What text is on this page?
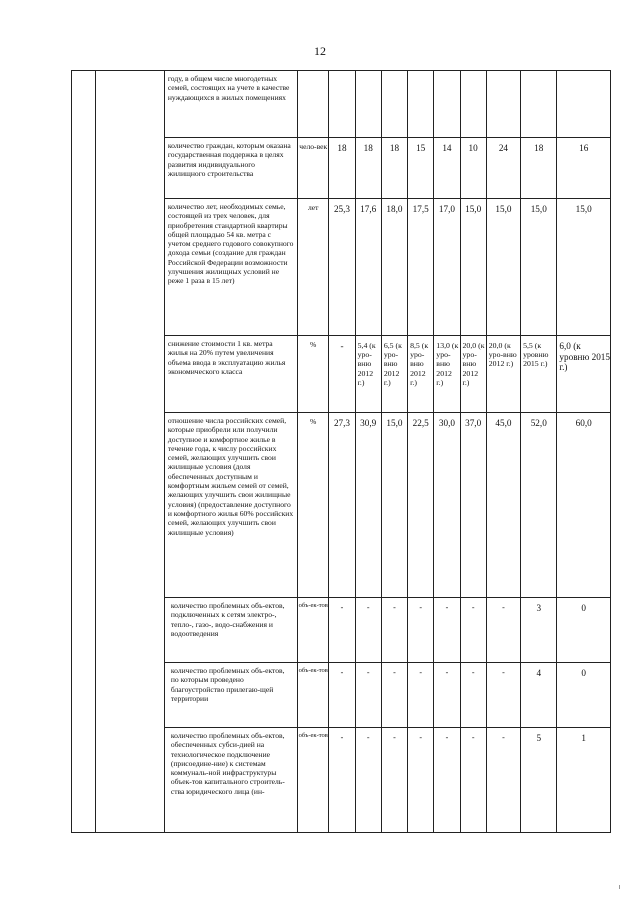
12
		году, в общем числе многодетных семей, состоящих на учете в качестве нуждающихся в жилых помещениях										
		количество граждан, которым оказана государственная поддержка в целях развития индивидуального жилищного строительства	чело-век	18	18	18	15	14	10	24	18	16
		количество лет, необходимых семье, состоящей из трех человек, для приобретения стандартной квартиры общей площадью 54 кв. метра с учетом среднего годового совокупного дохода семьи (создание для граждан Российской Федерации возможности улучшения жилищных условий не реже 1 раза в 15 лет)	лет	25,3	17,6	18,0	17,5	17,0	15,0	15,0	15,0	15,0
		снижение стоимости 1 кв. метра жилья на 20% путем увеличения объема ввода в эксплуатацию жилья экономического класса	%	-	5,4 (к уро-вню 2012 г.)	6,5 (к уро-вню 2012 г.)	8,5 (к уро-вню 2012 г.)	13,0 (к уро-вню 2012 г.)	20,0 (к уро-вню 2012 г.)	20,0 (к уро-вню 2012 г.)	5,5 (к уровню 2015 г.)	6,0 (к уровню 2015 г.)
		отношение числа российских семей, которые приобрели или получили доступное и комфортное жилье в течение года, к числу российских семей, желающих улучшить свои жилищные условия (доля обеспеченных доступным и комфортным жильем семей от семей, желающих улучшить свои жилищные условия) (предоставление доступного и комфортного жилья 60% российских семей, желающих улучшить свои жилищные условия)	%	27,3	30,9	15,0	22,5	30,0	37,0	45,0	52,0	60,0
		количество проблемных объ-ектов, подключенных к сетям электро-, тепло-, газо-, водо-снабжения и водоотведения	объ-ек-тов	-	-	-	-	-	-	-	3	0
		количество проблемных объ-ектов, по которым проведено благоустройство прилегаю-щей территории	объ-ек-тов	-	-	-	-	-	-	-	4	0
		количество проблемных объ-ектов, обеспеченных субси-дией на технологическое подключение (присоедине-ние) к системам коммуналь-ной инфраструктуры объек-тов капитального строитель-ства юридического лица (ин-	объ-ек-тов	-	-	-	-	-	-	-	5	1
